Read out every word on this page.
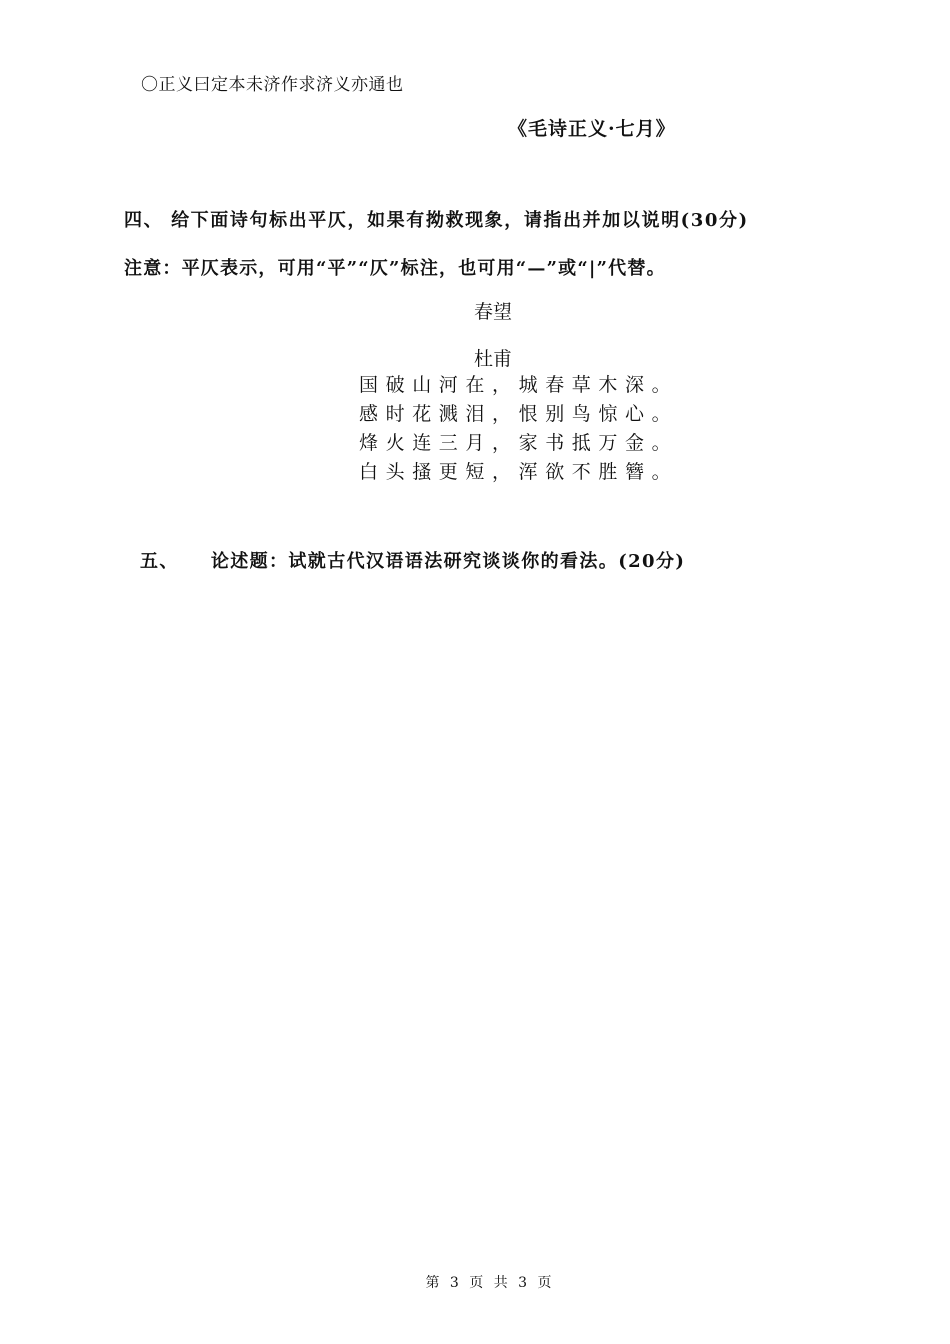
〇正义曰定本未济作求济义亦通也
《毛诗正义·七月》
四、 给下面诗句标出平仄，如果有拗救现象，请指出并加以说明(30分)
注意：平仄表示，可用“平”“仄”标注，也可用“—”或“|”代替。
春望
杜甫
国破山河在，城春草木深。
感时花溅泪，恨别鸟惊心。
烽火连三月，家书抵万金。
白头搔更短，浑欲不胜簪。
五、 论述题：试就古代汉语语法研究谈谈你的看法。(20分)
第 3 页 共 3 页
